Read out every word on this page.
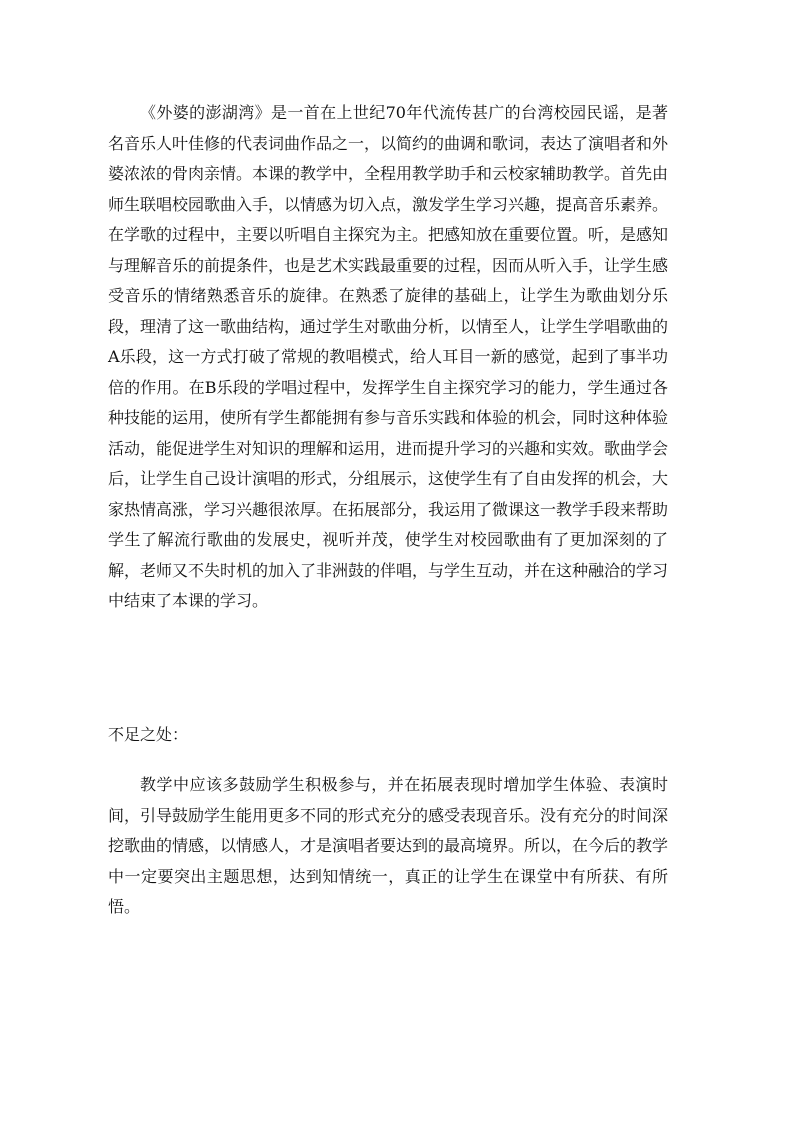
《外婆的澎湖湾》是一首在上世纪70年代流传甚广的台湾校园民谣，是著名音乐人叶佳修的代表词曲作品之一，以简约的曲调和歌词，表达了演唱者和外婆浓浓的骨肉亲情。本课的教学中，全程用教学助手和云校家辅助教学。首先由师生联唱校园歌曲入手，以情感为切入点，激发学生学习兴趣，提高音乐素养。在学歌的过程中，主要以听唱自主探究为主。把感知放在重要位置。听，是感知与理解音乐的前提条件，也是艺术实践最重要的过程，因而从听入手，让学生感受音乐的情绪熟悉音乐的旋律。在熟悉了旋律的基础上，让学生为歌曲划分乐段，理清了这一歌曲结构，通过学生对歌曲分析，以情至人，让学生学唱歌曲的A乐段，这一方式打破了常规的教唱模式，给人耳目一新的感觉，起到了事半功倍的作用。在B乐段的学唱过程中，发挥学生自主探究学习的能力，学生通过各种技能的运用，使所有学生都能拥有参与音乐实践和体验的机会，同时这种体验活动，能促进学生对知识的理解和运用，进而提升学习的兴趣和实效。歌曲学会后，让学生自己设计演唱的形式，分组展示，这使学生有了自由发挥的机会，大家热情高涨，学习兴趣很浓厚。在拓展部分，我运用了微课这一教学手段来帮助学生了解流行歌曲的发展史，视听并茂，使学生对校园歌曲有了更加深刻的了解，老师又不失时机的加入了非洲鼓的伴唱，与学生互动，并在这种融洽的学习中结束了本课的学习。

不足之处：

教学中应该多鼓励学生积极参与，并在拓展表现时增加学生体验、表演时间，引导鼓励学生能用更多不同的形式充分的感受表现音乐。没有充分的时间深挖歌曲的情感，以情感人，才是演唱者要达到的最高境界。所以，在今后的教学中一定要突出主题思想，达到知情统一，真正的让学生在课堂中有所获、有所悟。
